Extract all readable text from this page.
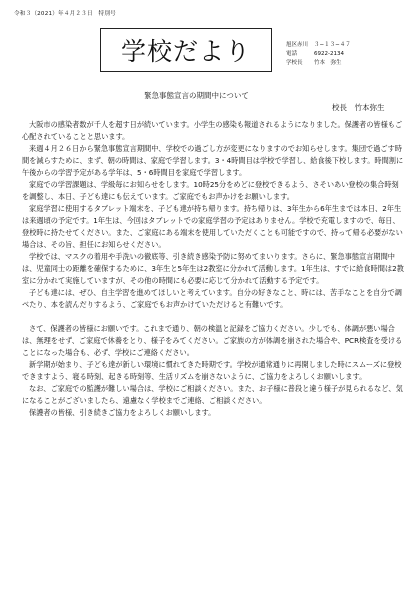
令和３（2021）年４月２３日　特別号
学校だより	旭区赤川	３−１３−４７
電話	6922-2134
学校長	竹本　弥生
緊急事態宣言の期間中について
校長　竹本弥生

大阪市の感染者数が千人を超す日が続いています。小学生の感染も報道されるようになりました。保護者の皆様もご心配されていることと思います。

来週４月２６日から緊急事態宣言期間中、学校での過ごし方が変更になりますのでお知らせします。集団で過ごす時間を減らすために、まず、朝の時間は、家庭で学習します。3・4時間目は学校で学習し、給食後下校します。時間割に午後からの学習予定がある学年は、5・6時間目を家庭で学習します。

家庭での学習課題は、学級毎にお知らせをします。10時25分をめどに登校できるよう、さそいあい登校の集合時刻を調整し、本日、子ども達にも伝えています。ご家庭でもお声かけをお願いします。

家庭学習に使用するタブレット端末を、子ども達が持ち帰ります。持ち帰りは、3年生から6年生までは本日、2年生は来週頃の予定です。1年生は、今回はタブレットでの家庭学習の予定はありません。学校で充電しますので、毎日、登校時に持たせてください。また、ご家庭にある端末を使用していただくことも可能ですので、持って帰る必要がない場合は、その旨、担任にお知らせください。

学校では、マスクの着用や手洗いの徹底等、引き続き感染予防に努めてまいります。さらに、緊急事態宣言期間中は、児童同士の距離を確保するために、3年生と5年生は2教室に分かれて活動します。1年生は、すでに給食時間は2教室に分かれて実施していますが、その他の時間にも必要に応じて分かれて活動する予定です。

子ども達には、ぜひ、自主学習を進めてほしいと考えています。自分の好きなこと、時には、苦手なことを自分で調べたり、本を読んだりするよう、ご家庭でもお声かけていただけると有難いです。

さて、保護者の皆様にお願いです。これまで通り、朝の検温と記録をご協力ください。少しでも、体調が悪い場合は、無理をせず、ご家庭で休養をとり、様子をみてください。ご家族の方が体調を崩された場合や、PCR検査を受けることになった場合も、必ず、学校にご連絡ください。

新学期が始まり、子ども達が新しい環境に慣れてきた時期です。学校が通常通りに再開しました時にスムーズに登校できますよう、寝る時刻、起きる時刻等、生活リズムを崩さないように、ご協力をよろしくお願いします。

なお、ご家庭での監護が難しい場合は、学校にご相談ください。また、お子様に普段と違う様子が見られるなど、気になることがございましたら、遠慮なく学校までご連絡、ご相談ください。

保護者の皆様、引き続きご協力をよろしくお願いします。
